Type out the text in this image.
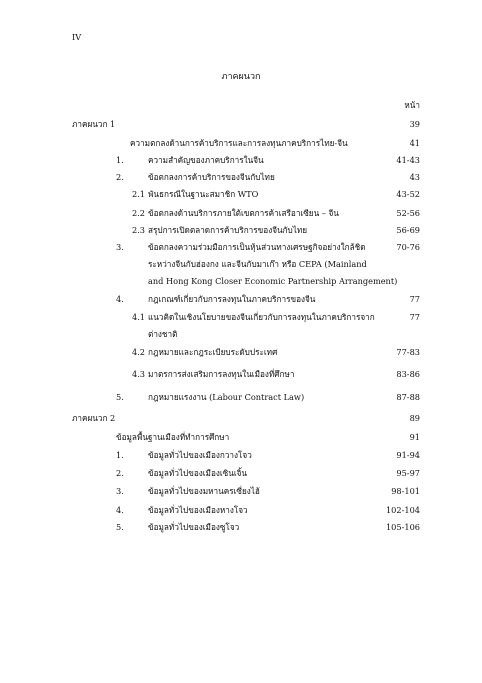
IV
ภาคผนวก
หน้า
ภาคผนวก 1	39
ความตกลงด้านการค้าบริการและการลงทุนภาคบริการไทย-จีน	41
1.	ความสำคัญของภาคบริการในจีน	41-43
2.	ข้อตกลงการค้าบริการของจีนกับไทย	43
2.1 พันธกรณีในฐานะสมาชิก WTO	43-52
2.2 ข้อตกลงด้านบริการภายใต้เขตการค้าเสรีอาเซียน – จีน	52-56
2.3 สรุปการเปิดตลาดการค้าบริการของจีนกับไทย	56-69
3.	ข้อตกลงความร่วมมือการเป็นหุ้นส่วนทางเศรษฐกิจอย่างใกล้ชิด
ระหว่างจีนกับฮ่องกง และจีนกับมาเก๊า หรือ CEPA (Mainland
and Hong Kong Closer Economic Partnership Arrangement)
70-76
4.	กฎเกณฑ์เกี่ยวกับการลงทุนในภาคบริการของจีน	77
4.1 แนวคิดในเชิงนโยบายของจีนเกี่ยวกับการลงทุนในภาคบริการจาก
ต่างชาติ
77
4.2 กฎหมายและกฎระเบียบระดับประเทศ	77-83
4.3 มาตรการส่งเสริมการลงทุนในเมืองที่ศึกษา	83-86
5.	กฎหมายแรงงาน (Labour Contract Law)	87-88
ภาคผนวก 2	89
ข้อมูลพื้นฐานเมืองที่ทำการศึกษา	91
1.	ข้อมูลทั่วไปของเมืองกวางโจว	91-94
2.	ข้อมูลทั่วไปของเมืองเซินเจิ้น	95-97
3.	ข้อมูลทั่วไปของมหานครเซี่ยงไฮ้	98-101
4.	ข้อมูลทั่วไปของเมืองหางโจว	102-104
5.	ข้อมูลทั่วไปของเมืองซูโจว	105-106
